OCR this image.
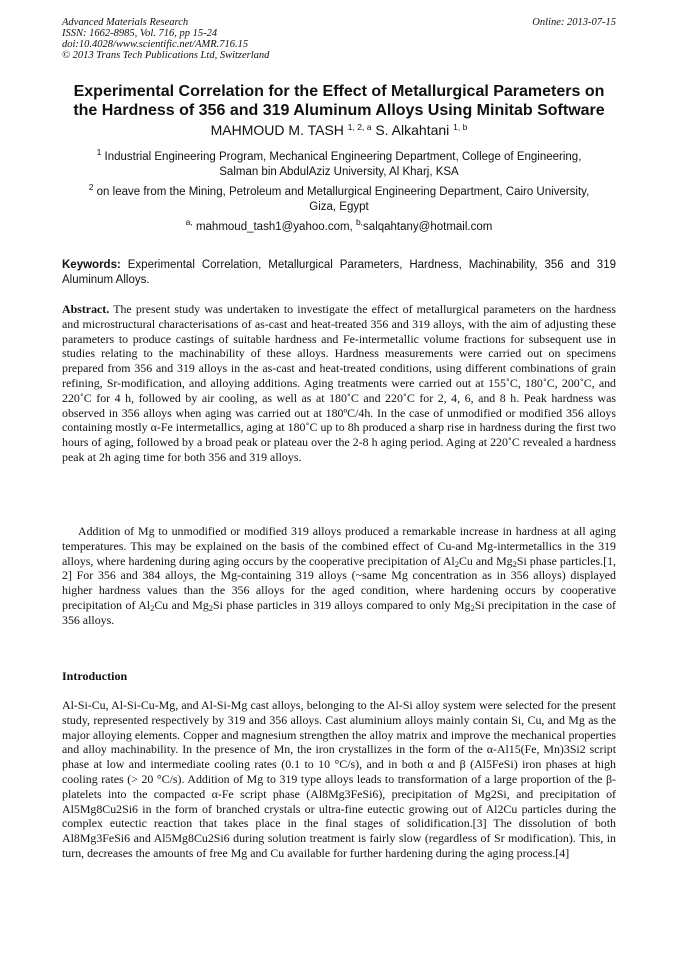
Advanced Materials Research
ISSN: 1662-8985, Vol. 716, pp 15-24
doi:10.4028/www.scientific.net/AMR.716.15
© 2013 Trans Tech Publications Ltd, Switzerland
Online: 2013-07-15
Experimental Correlation for the Effect of Metallurgical Parameters on
the Hardness of 356 and 319 Aluminum Alloys Using Minitab Software
MAHMOUD M. TASH $^{1, 2, a}$ S. Alkahtani $^{1, b}$
$^1$ Industrial Engineering Program, Mechanical Engineering Department, College of Engineering,
Salman bin AbdulAziz University, Al Kharj, KSA
$^2$ on leave from the Mining, Petroleum and Metallurgical Engineering Department, Cairo University,
Giza, Egypt
$^{a,}$ mahmoud_tash1@yahoo.com, $^{b,}$salqahtany@hotmail.com
Keywords: Experimental Correlation, Metallurgical Parameters, Hardness, Machinability, 356 and 319 Aluminum Alloys.
Abstract. The present study was undertaken to investigate the effect of metallurgical parameters on the hardness and microstructural characterisations of as-cast and heat-treated 356 and 319 alloys, with the aim of adjusting these parameters to produce castings of suitable hardness and Fe-intermetallic volume fractions for subsequent use in studies relating to the machinability of these alloys. Hardness measurements were carried out on specimens prepared from 356 and 319 alloys in the as-cast and heat-treated conditions, using different combinations of grain refining, Sr-modification, and alloying additions. Aging treatments were carried out at 155˚C, 180˚C, 200˚C, and 220˚C for 4 h, followed by air cooling, as well as at 180˚C and 220˚C for 2, 4, 6, and 8 h. Peak hardness was observed in 356 alloys when aging was carried out at 180ºC/4h. In the case of unmodified or modified 356 alloys containing mostly α-Fe intermetallics, aging at 180˚C up to 8h produced a sharp rise in hardness during the first two hours of aging, followed by a broad peak or plateau over the 2-8 h aging period. Aging at 220˚C revealed a hardness peak at 2h aging time for both 356 and 319 alloys.
Addition of Mg to unmodified or modified 319 alloys produced a remarkable increase in hardness at all aging temperatures. This may be explained on the basis of the combined effect of Cu-and Mg-intermetallics in the 319 alloys, where hardening during aging occurs by the cooperative precipitation of $Al_2Cu$ and $Mg_2Si$ phase particles.[1, 2] For 356 and 384 alloys, the Mg-containing 319 alloys (~same Mg concentration as in 356 alloys) displayed higher hardness values than the 356 alloys for the aged condition, where hardening occurs by cooperative precipitation of $Al_2Cu$ and $Mg_2Si$ phase particles in 319 alloys compared to only $Mg_2Si$ precipitation in the case of 356 alloys.
Introduction
Al-Si-Cu, Al-Si-Cu-Mg, and Al-Si-Mg cast alloys, belonging to the Al-Si alloy system were selected for the present study, represented respectively by 319 and 356 alloys. Cast aluminium alloys mainly contain Si, Cu, and Mg as the major alloying elements. Copper and magnesium strengthen the alloy matrix and improve the mechanical properties and alloy machinability. In the presence of Mn, the iron crystallizes in the form of the α-Al15(Fe, Mn)3Si2 script phase at low and intermediate cooling rates (0.1 to 10 °C/s), and in both α and β (Al5FeSi) iron phases at high cooling rates (> 20 °C/s). Addition of Mg to 319 type alloys leads to transformation of a large proportion of the β-platelets into the compacted α-Fe script phase (Al8Mg3FeSi6), precipitation of Mg2Si, and precipitation of Al5Mg8Cu2Si6 in the form of branched crystals or ultra-fine eutectic growing out of Al2Cu particles during the complex eutectic reaction that takes place in the final stages of solidification.[3] The dissolution of both Al8Mg3FeSi6 and Al5Mg8Cu2Si6 during solution treatment is fairly slow (regardless of Sr modification). This, in turn, decreases the amounts of free Mg and Cu available for further hardening during the aging process.[4]
